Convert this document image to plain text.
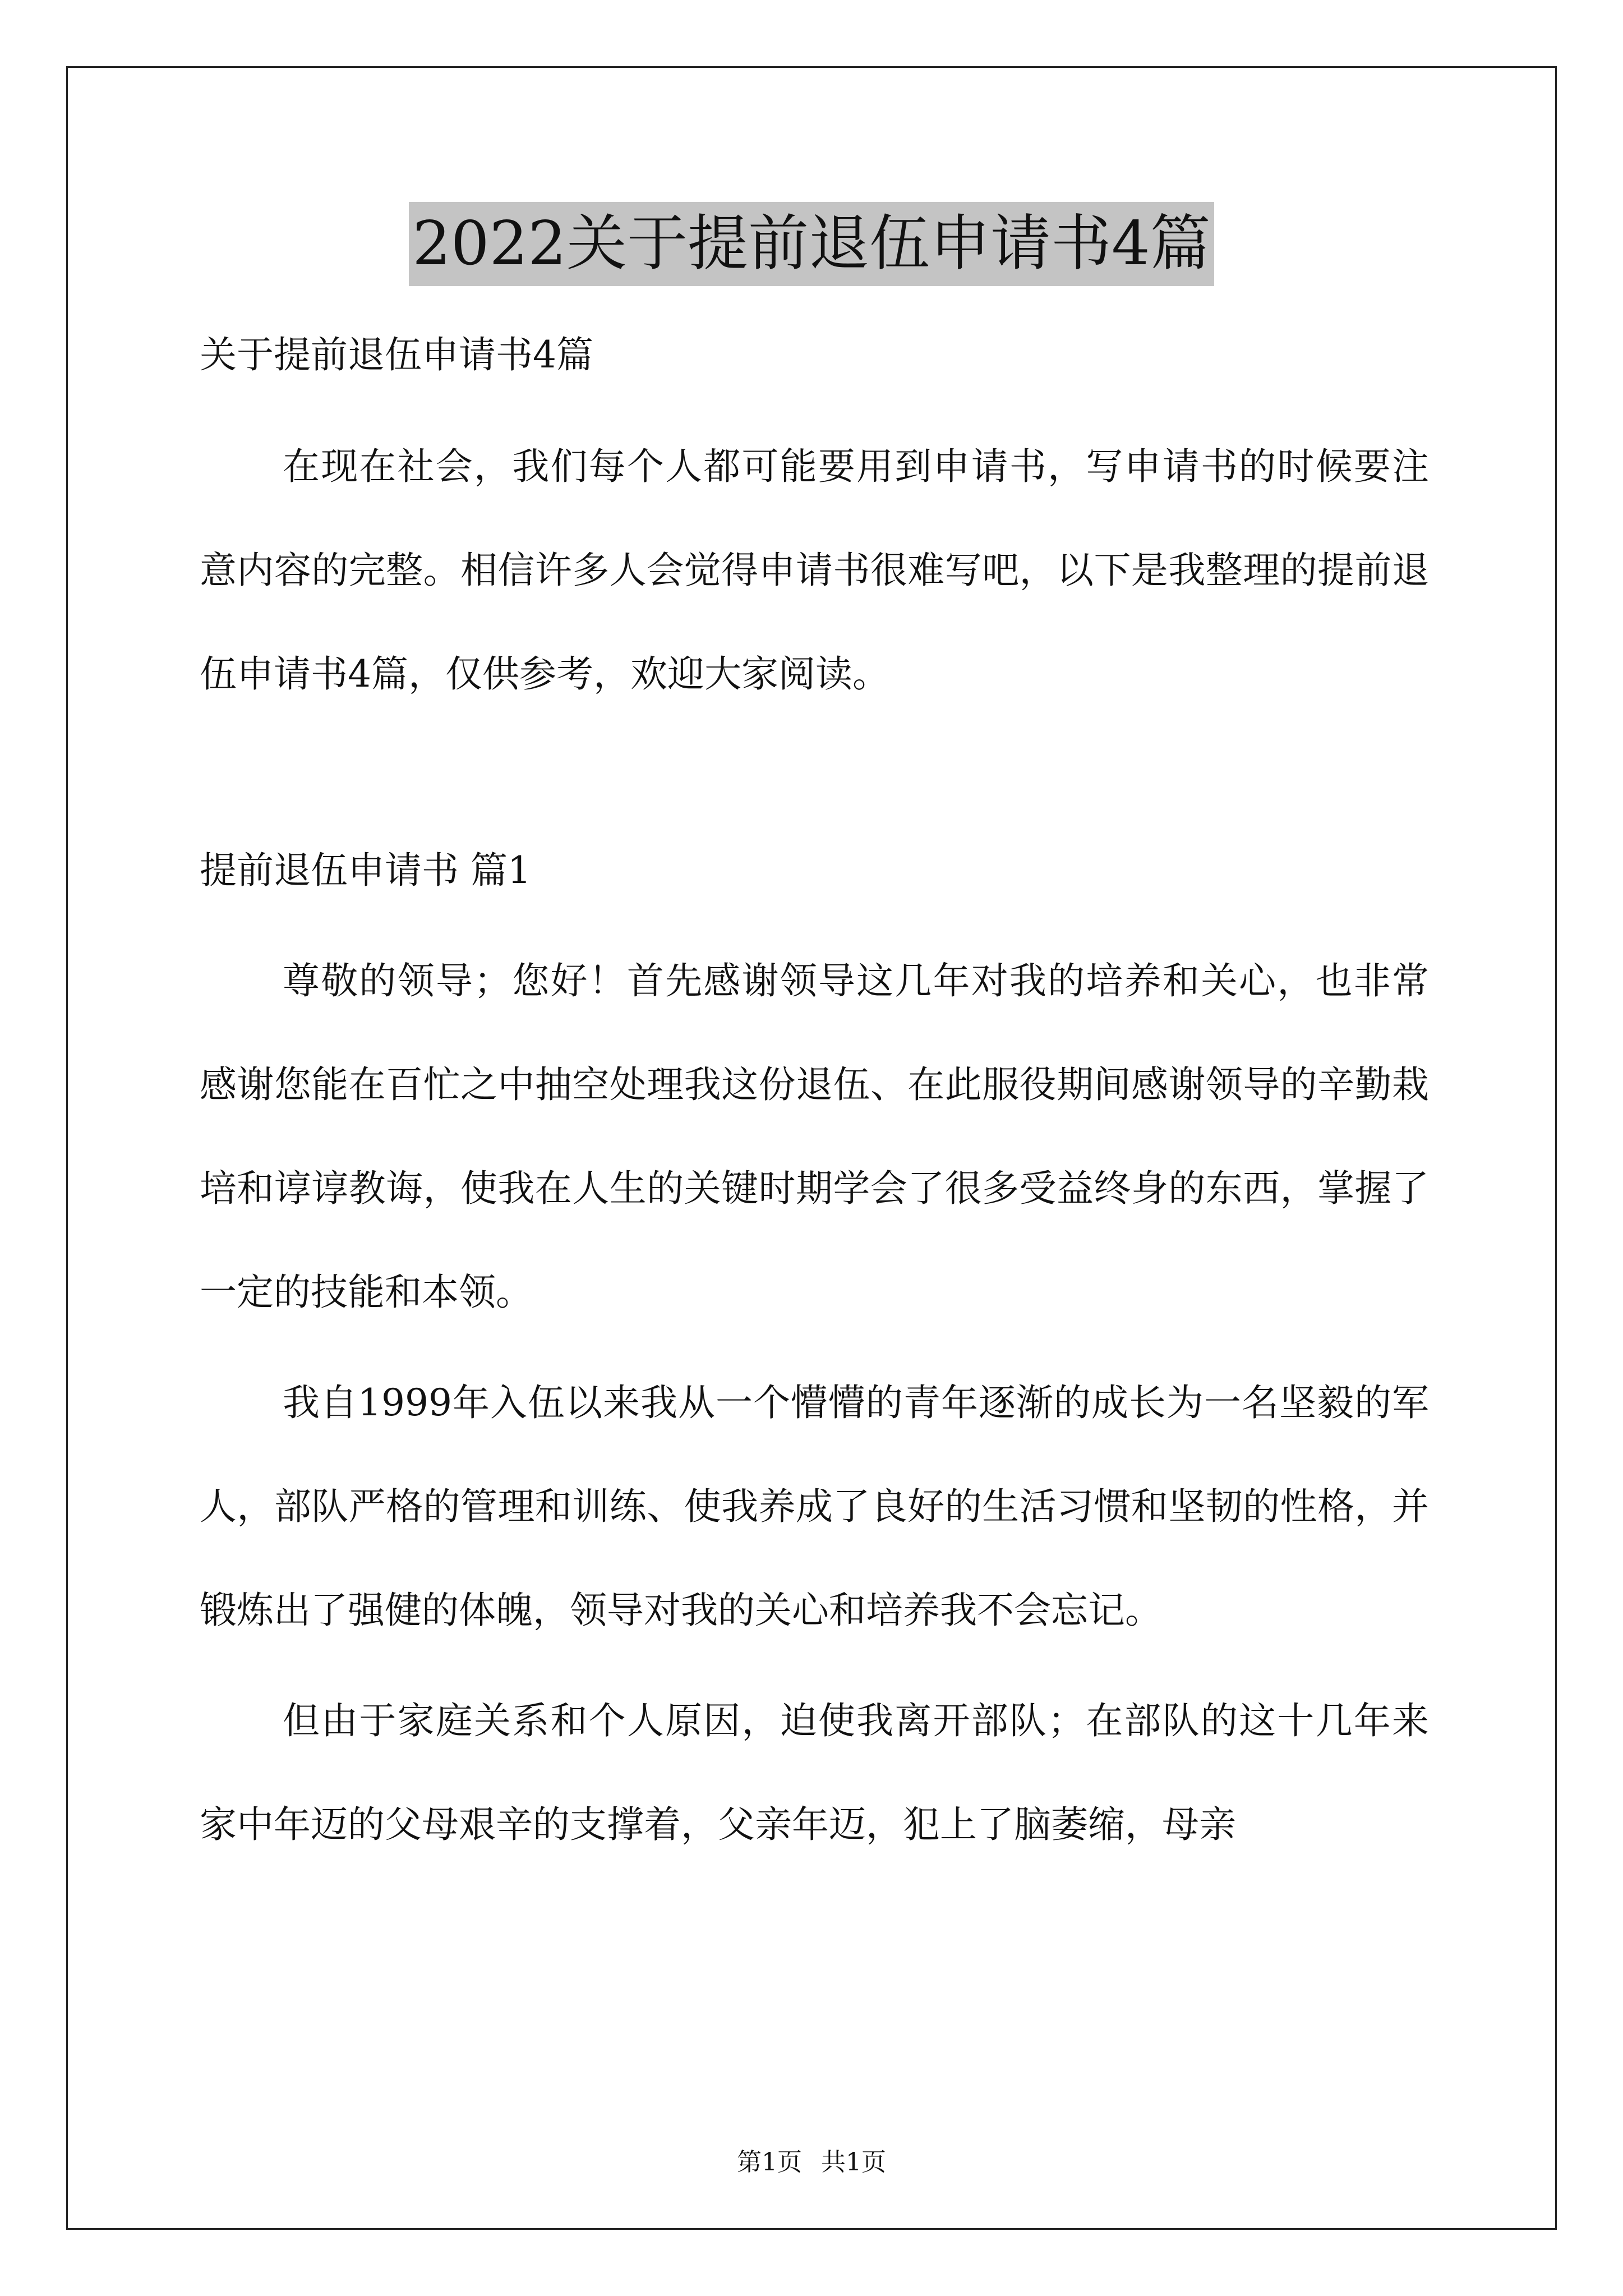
2022关于提前退伍申请书4篇

关于提前退伍申请书4篇

在现在社会，我们每个人都可能要用到申请书，写申请书的时候要注意内容的完整。相信许多人会觉得申请书很难写吧，以下是我整理的提前退伍申请书4篇，仅供参考，欢迎大家阅读。

提前退伍申请书 篇1

尊敬的领导；您好！首先感谢领导这几年对我的培养和关心，也非常感谢您能在百忙之中抽空处理我这份退伍、在此服役期间感谢领导的辛勤栽培和谆谆教诲，使我在人生的关键时期学会了很多受益终身的东西，掌握了一定的技能和本领。

我自1999年入伍以来我从一个懵懵的青年逐渐的成长为一名坚毅的军人，部队严格的管理和训练、使我养成了良好的生活习惯和坚韧的性格，并锻炼出了强健的体魄，领导对我的关心和培养我不会忘记。

但由于家庭关系和个人原因，迫使我离开部队；在部队的这十几年来家中年迈的父母艰辛的支撑着，父亲年迈，犯上了脑萎缩，母亲

第1页 共1页
